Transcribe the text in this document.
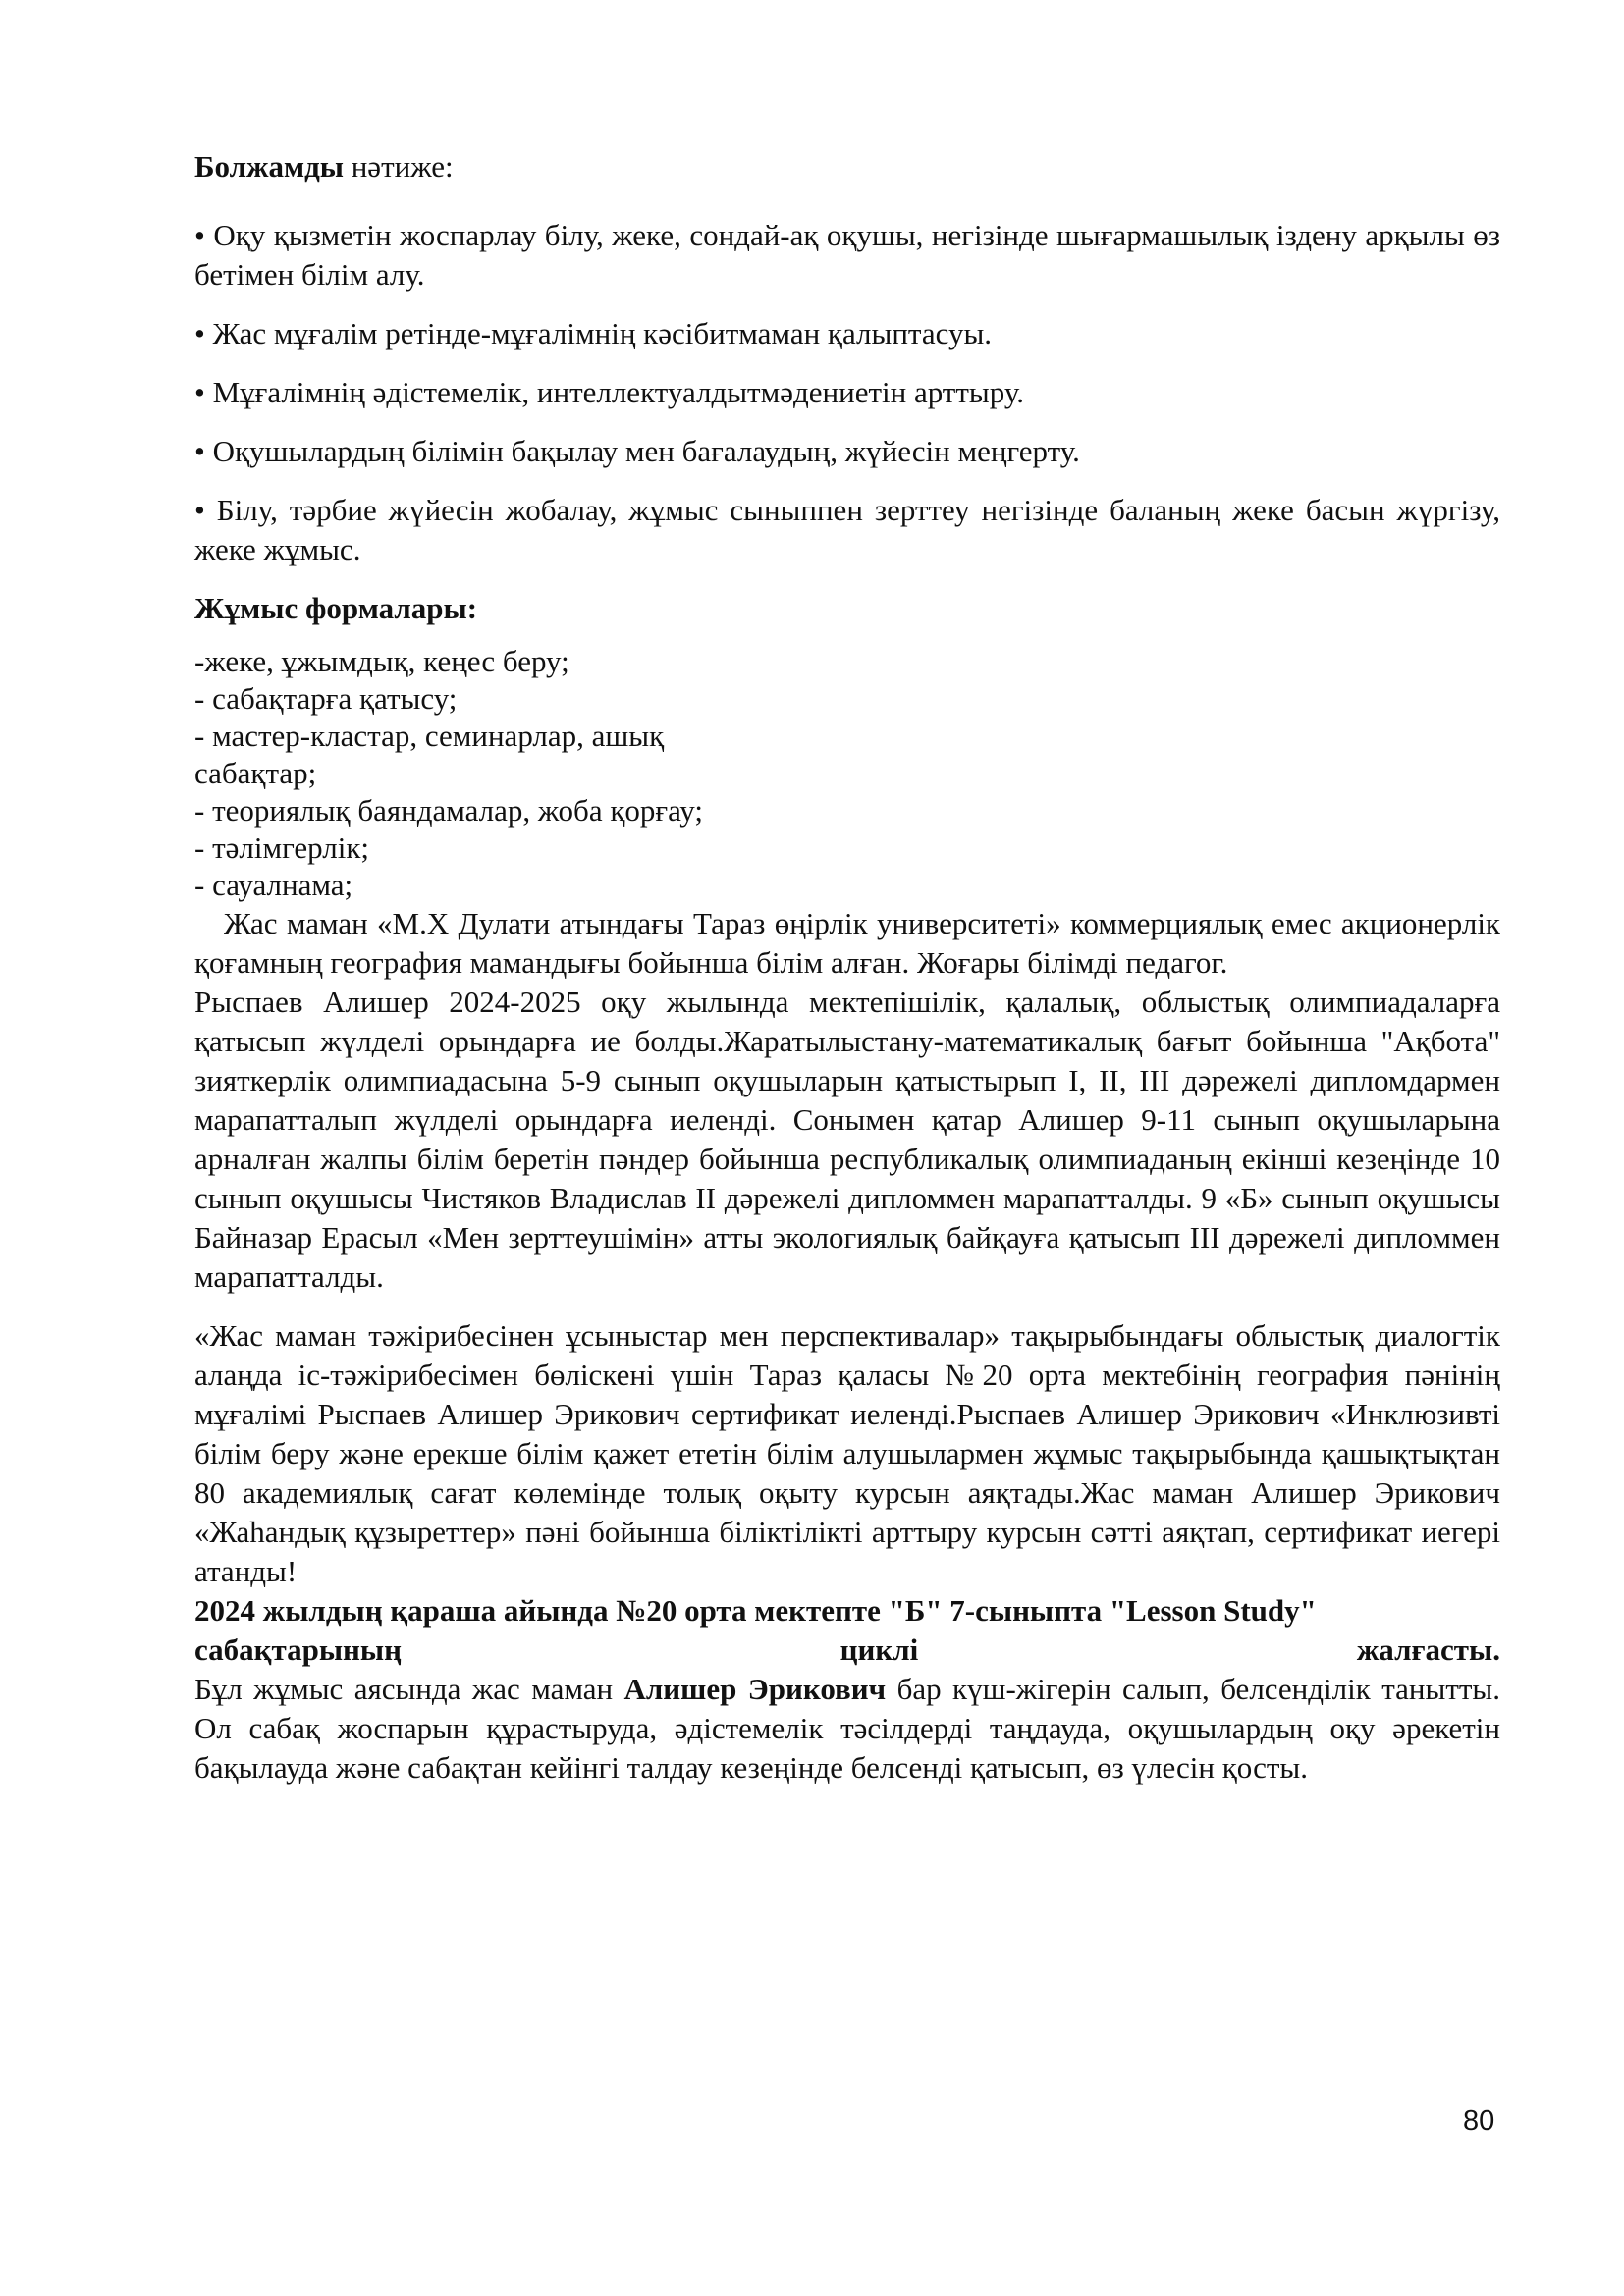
Болжамды нәтиже:

• Оқу қызметін жоспарлау білу, жеке, сондай-ақ оқушы, негізінде шығармашылық іздену арқылы өз бетімен білім алу.

• Жас мұғалім ретінде-мұғалімнің кәсібитмаман қалыптасуы.

• Мұғалімнің әдістемелік, интеллектуалдытмәдениетін арттыру.

• Оқушылардың білімін бақылау мен бағалаудың, жүйесін меңгерту.

• Білу, тәрбие жүйесін жобалау, жұмыс сыныппен зерттеу негізінде баланың жеке басын жүргізу, жеке жұмыс.

Жұмыс формалары:

-жеке, ұжымдық, кеңес беру;

- сабақтарға қатысу;

- мастер-кластар, семинарлар, ашық

сабақтар;

- теориялық баяндамалар, жоба қорғау;

- тәлімгерлік;

- сауалнама;

Жас маман «М.Х Дулати атындағы Тараз өңірлік университеті» коммерциялық емес акционерлік қоғамның география мамандығы бойынша білім алған. Жоғары білімді педагог.

Рыспаев Алишер 2024-2025 оқу жылында мектепішілік, қалалық, облыстық олимпиадаларға қатысып жүлделі орындарға ие болды.Жаратылыстану-математикалық бағыт бойынша "Ақбота" зияткерлік олимпиадасына 5-9 сынып оқушыларын қатыстырып I, II, III дәрежелі дипломдармен марапатталып жүлделі орындарға иеленді. Сонымен қатар Алишер 9-11 сынып оқушыларына арналған жалпы білім беретін пәндер бойынша республикалық олимпиаданың екінші кезеңінде 10 сынып оқушысы Чистяков Владислав II дәрежелі дипломмен марапатталды. 9 «Б» сынып оқушысы Байназар Ерасыл «Мен зерттеушімін» атты экологиялық байқауға қатысып III дәрежелі дипломмен марапатталды.

«Жас маман тәжірибесінен ұсыныстар мен перспективалар» тақырыбындағы облыстық диалогтік алаңда іс-тәжірибесімен бөлiскенi үшiн Тараз қаласы №20 орта мектебінің география пәнінің мұғалімі Рыспаев Алишер Эрикович сертификат иеленді.Рыспаев Алишер Эрикович «Инклюзивті білім беру және ерекше білім қажет ететін білім алушылармен жұмыс тақырыбында қашықтықтан 80 академиялық сағат көлемінде толық оқыту курсын аяқтады.Жас маман Алишер Эрикович «Жаһандық құзыреттер» пәні бойынша біліктілікті арттыру курсын сәтті аяқтап, сертификат иегері атанды!

2024 жылдың қараша айында №20 орта мектепте "Б" 7-сыныпта "Lesson Study"

сабақтарының	циклі	жалғасты.

Бұл жұмыс аясында жас маман Алишер Эрикович бар күш-жігерін салып, белсенділік танытты. Ол сабақ жоспарын құрастыруда, әдістемелік тәсілдерді таңдауда, оқушылардың оқу әрекетін бақылауда және сабақтан кейінгі талдау кезеңінде белсенді қатысып, өз үлесін қосты.

80
